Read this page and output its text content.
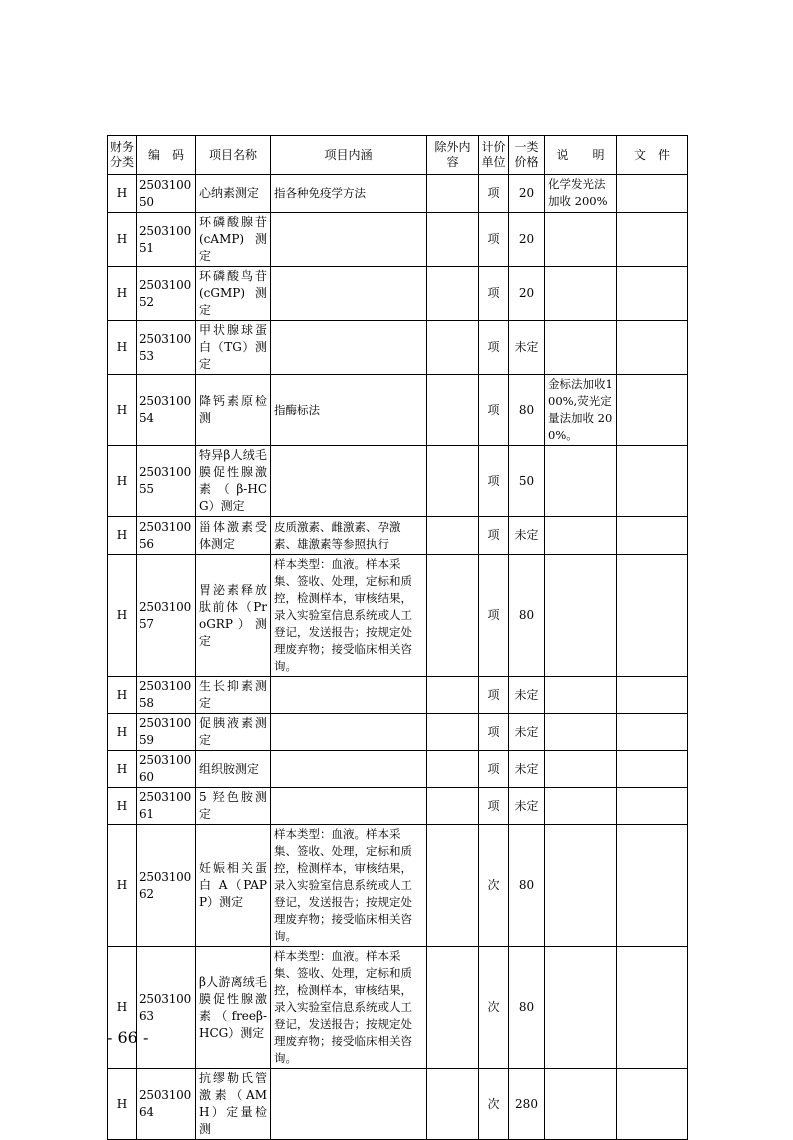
财务分类	编　码	项目名称	项目内涵	除外内容	计价单位	一类价格	说　　明	文　件
H	250310050	心纳素测定	指各种免疫学方法		项	20	化学发光法加收 200%	
H	250310051	环磷酸腺苷(cAMP)测定			项	20		
H	250310052	环磷酸鸟苷(cGMP)测定			项	20		
H	250310053	甲状腺球蛋白（TG）测定			项	未定		
H	250310054	降钙素原检测	指酶标法		项	80	金标法加收100%,荧光定量法加收 200%。	
H	250310055	特异β人绒毛膜促性腺激素（β-HCG）测定			项	50		
H	250310056	甾体激素受体测定	皮质激素、雌激素、孕激素、雄激素等参照执行		项	未定		
H	250310057	胃泌素释放肽前体（ProGRP）测定	样本类型：血液。样本采集、签收、处理，定标和质控，检测样本，审核结果，录入实验室信息系统或人工登记，发送报告；按规定处理废弃物；接受临床相关咨询。		项	80		
H	250310058	生长抑素测定			项	未定		
H	250310059	促胰液素测定			项	未定		
H	250310060	组织胺测定			项	未定		
H	250310061	5 羟色胺测定			项	未定		
H	250310062	妊娠相关蛋白 A（PAPP）测定	样本类型：血液。样本采集、签收、处理，定标和质控，检测样本，审核结果，录入实验室信息系统或人工登记，发送报告；按规定处理废弃物；接受临床相关咨询。		次	80		
H	250310063	β人游离绒毛膜促性腺激素（freeβ-HCG）测定	样本类型：血液。样本采集、签收、处理，定标和质控，检测样本，审核结果，录入实验室信息系统或人工登记，发送报告；按规定处理废弃物；接受临床相关咨询。		次	80		
H	250310064	抗缪勒氏管激素（AMH）定量检测			次	280		
- 66 -
